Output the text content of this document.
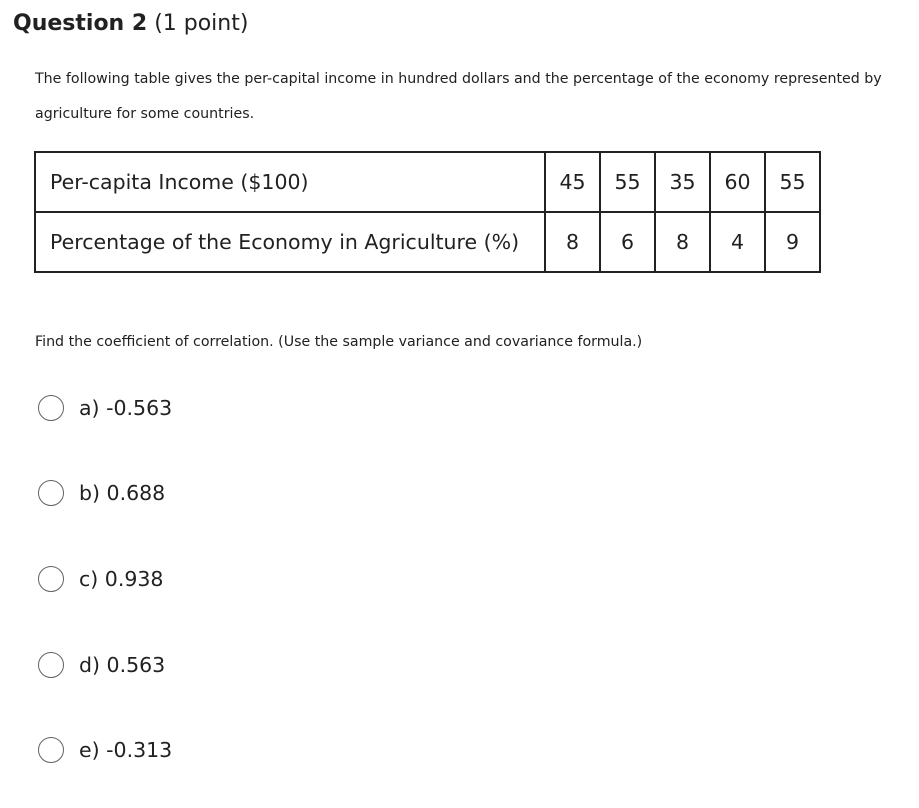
Question 2 (1 point)
The following table gives the per-capital income in hundred dollars and the percentage of the economy represented by
agriculture for some countries.
Per-capita Income ($100)	45	55	35	60	55
Percentage of the Economy in Agriculture (%)	8	6	8	4	9
Find the coefficient of correlation. (Use the sample variance and covariance formula.)
a) -0.563
b) 0.688
c) 0.938
d) 0.563
e) -0.313
